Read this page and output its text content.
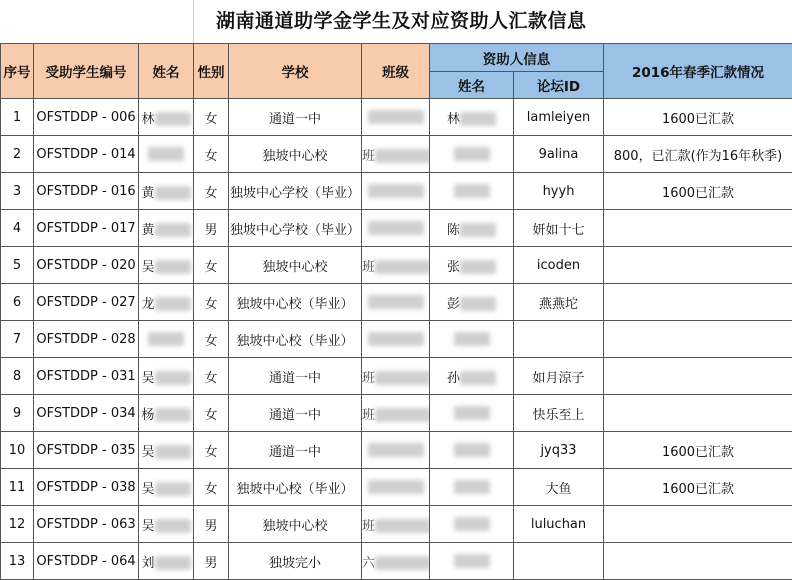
湖南通道助学金学生及对应资助人汇款信息
序号	受助学生编号	姓名	性别	学校	班级	资助人信息		2016年春季汇款情况
						姓名	论坛ID	
1	OFSTDDP - 006	林	女	通道一中		林	lamleiyen	1600已汇款
2	OFSTDDP - 014		女	独坡中心校	班		9alina	800，已汇款(作为16年秋季)
3	OFSTDDP - 016	黄	女	独坡中心学校（毕业）			hyyh	1600已汇款
4	OFSTDDP - 017	黄	男	独坡中心学校（毕业）		陈	妍如十七	
5	OFSTDDP - 020	吴	女	独坡中心校	班	张	icoden	
6	OFSTDDP - 027	龙	女	独坡中心校（毕业）		彭	燕燕坨	
7	OFSTDDP - 028		女	独坡中心校（毕业）				
8	OFSTDDP - 031	吴	女	通道一中	班	孙	如月涼子	
9	OFSTDDP - 034	杨	女	通道一中	班		快乐至上	
10	OFSTDDP - 035	吴	女	通道一中			jyq33	1600已汇款
11	OFSTDDP - 038	吴	女	独坡中心校（毕业）			大鱼	1600已汇款
12	OFSTDDP - 063	吴	男	独坡中心校	班		luluchan	
13	OFSTDDP - 064	刘	男	独坡完小	六			
